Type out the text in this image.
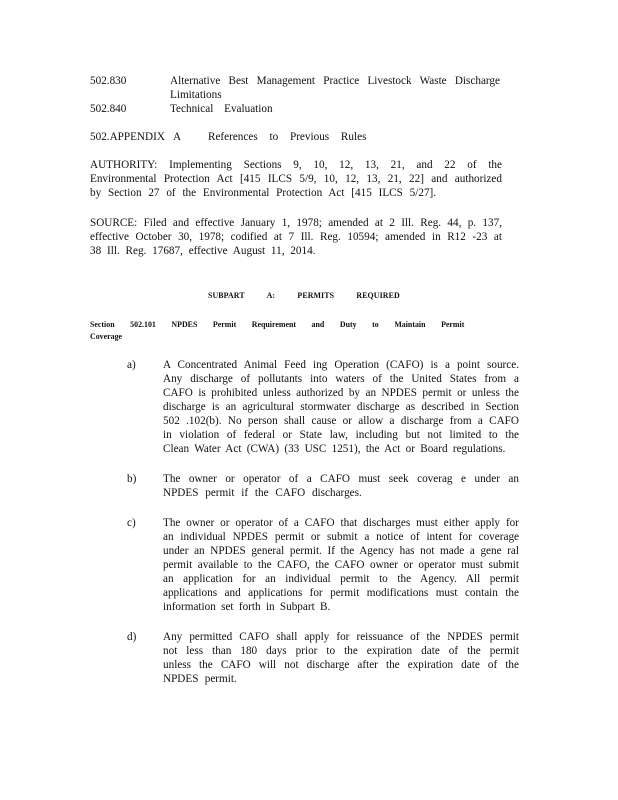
502.830	Alternative Best Management Practice Livestock Waste Discharge
Limitations
502.840	Technical Evaluation
502.APPENDIX A References to Previous Rules
AUTHORITY: Implementing Sections 9, 10, 12, 13, 21, and 22 of the Environmental Protection Act [415 ILCS 5/9, 10, 12, 13, 21, 22] and authorized by Section 27 of the Environmental Protection Act [415 ILCS 5/27].
SOURCE: Filed and effective January 1, 1978; amended at 2 Ill. Reg. 44, p. 137, effective October 30, 1978; codified at 7 Ill. Reg. 10594; amended in R12 -23 at 38 Ill. Reg. 17687, effective August 11, 2014.
SUBPART	A:	PERMITS	REQUIRED
Section 502.101 NPDES Permit Requirement and Duty to Maintain Permit
Coverage
a) A Concentrated Animal Feed ing Operation (CAFO) is a point source. Any discharge of pollutants into waters of the United States from a CAFO is prohibited unless authorized by an NPDES permit or unless the discharge is an agricultural stormwater discharge as described in Section 502 .102(b). No person shall cause or allow a discharge from a CAFO in violation of federal or State law, including but not limited to the Clean Water Act (CWA) (33 USC 1251), the Act or Board regulations.
b) The owner or operator of a CAFO must seek coverag e under an NPDES permit if the CAFO discharges.
c) The owner or operator of a CAFO that discharges must either apply for an individual NPDES permit or submit a notice of intent for coverage under an NPDES general permit. If the Agency has not made a gene ral permit available to the CAFO, the CAFO owner or operator must submit an application for an individual permit to the Agency. All permit applications and applications for permit modifications must contain the information set forth in Subpart B.
d) Any permitted CAFO shall apply for reissuance of the NPDES permit not less than 180 days prior to the expiration date of the permit unless the CAFO will not discharge after the expiration date of the NPDES permit.
